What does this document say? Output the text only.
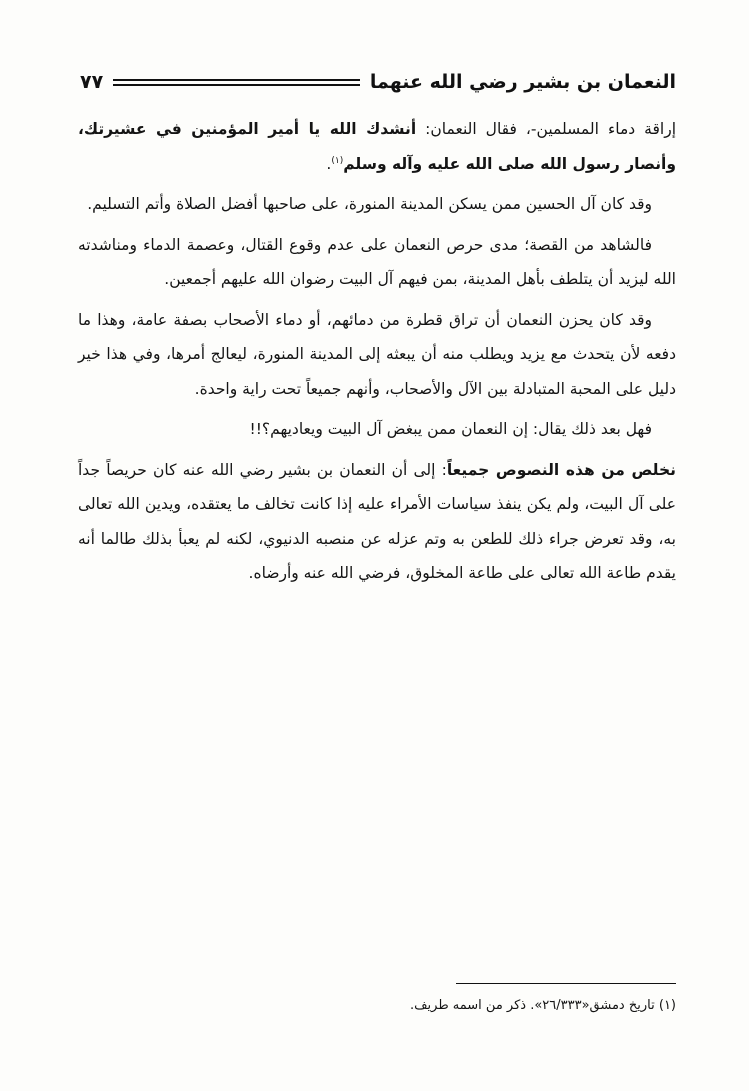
النعمان بن بشير رضي الله عنهما
٧٧

إراقة دماء المسلمين-، فقال النعمان: أنشدك الله يا أمير المؤمنين في عشيرتك، وأنصار رسول الله صلى الله عليه وآله وسلم$^{(١)}$.

وقد كان آل الحسين ممن يسكن المدينة المنورة، على صاحبها أفضل الصلاة وأتم التسليم.

فالشاهد من القصة؛ مدى حرص النعمان على عدم وقوع القتال، وعصمة الدماء ومناشدته الله ليزيد أن يتلطف بأهل المدينة، بمن فيهم آل البيت رضوان الله عليهم أجمعين.

وقد كان يحزن النعمان أن تراق قطرة من دمائهم، أو دماء الأصحاب بصفة عامة، وهذا ما دفعه لأن يتحدث مع يزيد ويطلب منه أن يبعثه إلى المدينة المنورة، ليعالج أمرها، وفي هذا خير دليل على المحبة المتبادلة بين الآل والأصحاب، وأنهم جميعاً تحت راية واحدة.

فهل بعد ذلك يقال: إن النعمان ممن يبغض آل البيت ويعاديهم؟!!

نخلص من هذه النصوص جميعاً: إلى أن النعمان بن بشير رضي الله عنه كان حريصاً جداً على آل البيت، ولم يكن ينفذ سياسات الأمراء عليه إذا كانت تخالف ما يعتقده، ويدين الله تعالى به، وقد تعرض جراء ذلك للطعن به وتم عزله عن منصبه الدنيوي، لكنه لم يعبأ بذلك طالما أنه يقدم طاعة الله تعالى على طاعة المخلوق، فرضي الله عنه وأرضاه.

(١) تاريخ دمشق«٢٦/٣٣٣». ذكر من اسمه طريف.
